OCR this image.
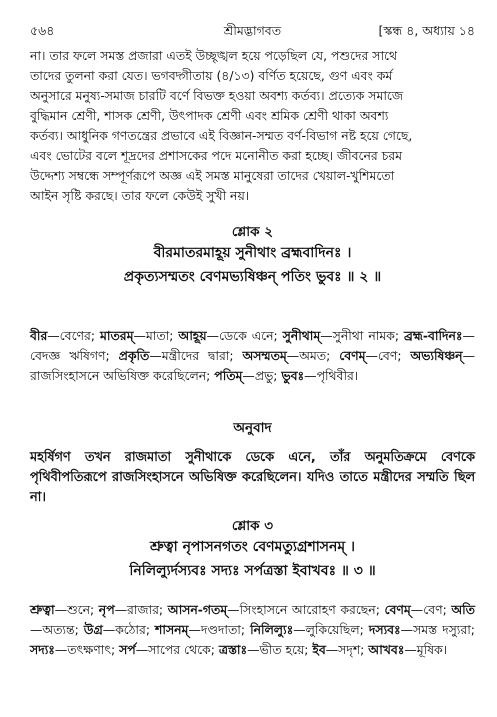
৫৬৪	শ্রীমদ্ভাগবত	[স্কন্ধ ৪, অধ্যায় ১৪

না। তার ফলে সমস্ত প্রজারা এতই উচ্ছৃঙ্খল হয়ে পড়েছিল যে, পশুদের সাথে

তাদের তুলনা করা যেত। ভগবদ্গীতায় (৪/১৩) বর্ণিত হয়েছে, গুণ এবং কর্ম

অনুসারে মনুষ্য-সমাজ চারটি বর্ণে বিভক্ত হওয়া অবশ্য কর্তব্য। প্রত্যেক সমাজে

বুদ্ধিমান শ্রেণী, শাসক শ্রেণী, উৎপাদক শ্রেণী এবং শ্রমিক শ্রেণী থাকা অবশ্য

কর্তব্য। আধুনিক গণতন্ত্রের প্রভাবে এই বিজ্ঞান-সম্মত বর্ণ-বিভাগ নষ্ট হয়ে গেছে,

এবং ভোটের বলে শূদ্রদের প্রশাসকের পদে মনোনীত করা হচ্ছে। জীবনের চরম

উদ্দেশ্য সম্বন্ধে সম্পূর্ণরূপে অজ্ঞ এই সমস্ত মানুষেরা তাদের খেয়াল-খুশিমতো

আইন সৃষ্টি করছে। তার ফলে কেউই সুখী নয়।

শ্লোক ২
বীরমাতরমাহূয় সুনীথাং ব্রহ্মবাদিনঃ ।
প্রকৃত্যসম্মতং বেণমভ্যষিঞ্চন্ পতিং ভুবঃ ॥ ২ ॥

বীর—বেণের; মাতরম্—মাতা; আহূয়—ডেকে এনে; সুনীথাম্—সুনীথা নামক; ব্রহ্ম-বাদিনঃ—বেদজ্ঞ ঋষিগণ; প্রকৃতি—মন্ত্রীদের দ্বারা; অসম্মতম্—অমত; বেণম্—বেণ; অভ্যষিঞ্চন্—রাজসিংহাসনে অভিষিক্ত করেছিলেন; পতিম্—প্রভু; ভুবঃ—পৃথিবীর।

অনুবাদ

মহর্ষিগণ তখন রাজমাতা সুনীথাকে ডেকে এনে, তাঁর অনুমতিক্রমে বেণকে পৃথিবীপতিরূপে রাজসিংহাসনে অভিষিক্ত করেছিলেন। যদিও তাতে মন্ত্রীদের সম্মতি ছিল না।

শ্লোক ৩
শ্রুত্বা নৃপাসনগতং বেণমত্যুগ্রশাসনম্ ।
নিলিল্যুর্দস্যবঃ সদ্যঃ সর্পত্রস্তা ইবাখবঃ ॥ ৩ ॥

শ্রুত্বা—শুনে; নৃপ—রাজার; আসন-গতম্—সিংহাসনে আরোহণ করছেন; বেণম্—বেণ; অতি—অত্যন্ত; উগ্র—কঠোর; শাসনম্—দণ্ডদাতা; নিলিল্যুঃ—লুকিয়েছিল; দস্যবঃ—সমস্ত দস্যুরা; সদ্যঃ—তৎক্ষণাৎ; সর্প—সাপের থেকে; ত্রস্তাঃ—ভীত হয়ে; ইব—সদৃশ; আখবঃ—মূষিক।
